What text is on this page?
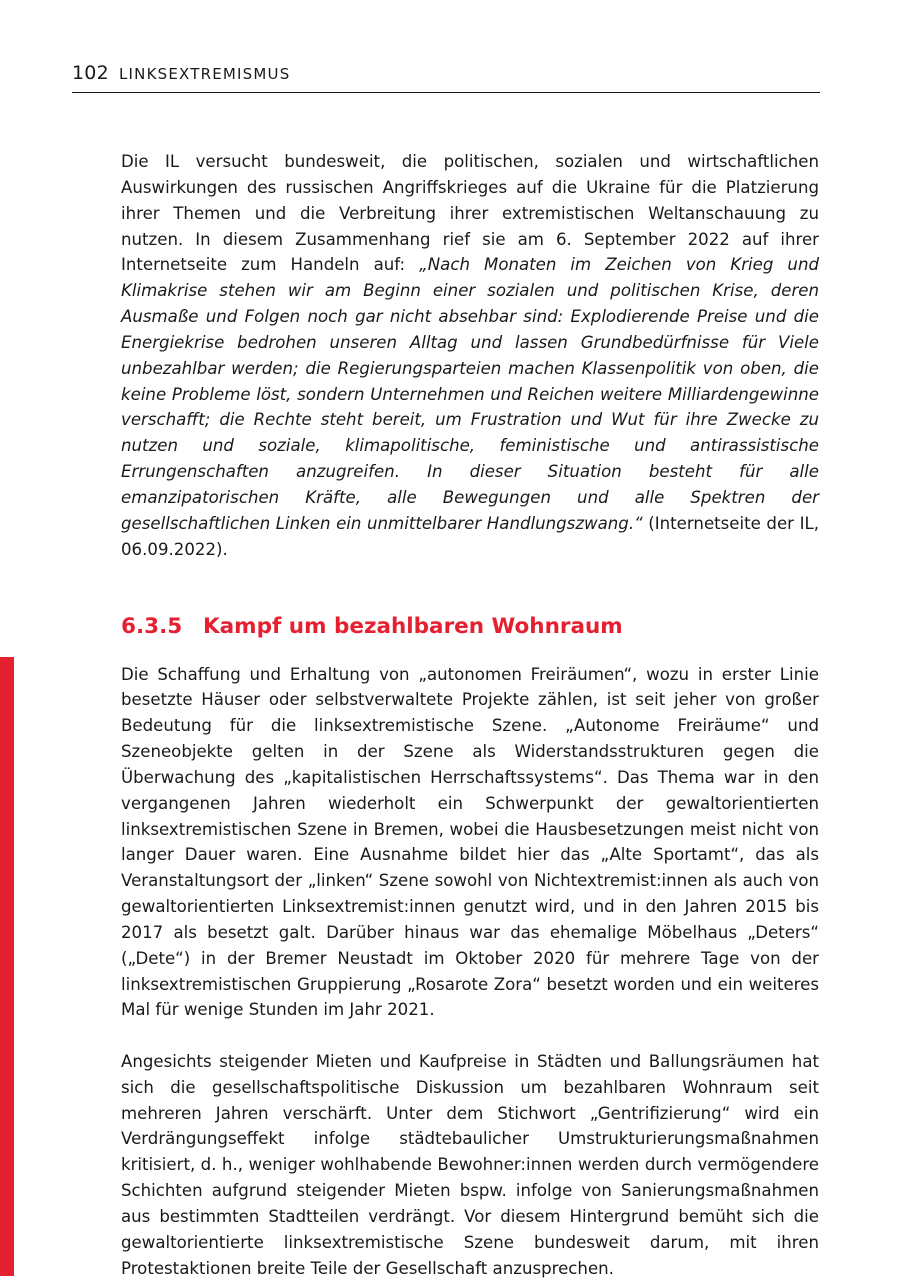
102 LINKSEXTREMISMUS

Die IL versucht bundesweit, die politischen, sozialen und wirtschaftlichen Auswirkungen des russischen Angriffskrieges auf die Ukraine für die Platzierung ihrer Themen und die Verbreitung ihrer extremistischen Weltanschauung zu nutzen. In diesem Zusammenhang rief sie am 6. September 2022 auf ihrer Internetseite zum Handeln auf: „Nach Monaten im Zeichen von Krieg und Klimakrise stehen wir am Beginn einer sozialen und politischen Krise, deren Ausmaße und Folgen noch gar nicht absehbar sind: Explodierende Preise und die Energiekrise bedrohen unseren Alltag und lassen Grundbedürfnisse für Viele unbezahlbar werden; die Regierungsparteien machen Klassenpolitik von oben, die keine Probleme löst, sondern Unternehmen und Reichen weitere Milliardengewinne verschafft; die Rechte steht bereit, um Frustration und Wut für ihre Zwecke zu nutzen und soziale, klimapolitische, feministische und antirassistische Errungenschaften anzugreifen. In dieser Situation besteht für alle emanzipatorischen Kräfte, alle Bewegungen und alle Spektren der gesellschaftlichen Linken ein unmittelbarer Handlungszwang.“ (Internetseite der IL, 06.09.2022).

6.3.5 Kampf um bezahlbaren Wohnraum

Die Schaffung und Erhaltung von „autonomen Freiräumen“, wozu in erster Linie besetzte Häuser oder selbstverwaltete Projekte zählen, ist seit jeher von großer Bedeutung für die linksextremistische Szene. „Autonome Freiräume“ und Szeneobjekte gelten in der Szene als Widerstandsstrukturen gegen die Überwachung des „kapitalistischen Herrschaftssystems“. Das Thema war in den vergangenen Jahren wiederholt ein Schwerpunkt der gewaltorientierten linksextremistischen Szene in Bremen, wobei die Hausbesetzungen meist nicht von langer Dauer waren. Eine Ausnahme bildet hier das „Alte Sportamt“, das als Veranstaltungsort der „linken“ Szene sowohl von Nichtextremist:innen als auch von gewaltorientierten Linksextremist:innen genutzt wird, und in den Jahren 2015 bis 2017 als besetzt galt. Darüber hinaus war das ehemalige Möbelhaus „Deters“ („Dete“) in der Bremer Neustadt im Oktober 2020 für mehrere Tage von der linksextremistischen Gruppierung „Rosarote Zora“ besetzt worden und ein weiteres Mal für wenige Stunden im Jahr 2021.

Angesichts steigender Mieten und Kaufpreise in Städten und Ballungsräumen hat sich die gesellschaftspolitische Diskussion um bezahlbaren Wohnraum seit mehreren Jahren verschärft. Unter dem Stichwort „Gentrifizierung“ wird ein Verdrängungseffekt infolge städtebaulicher Umstrukturierungsmaßnahmen kritisiert, d. h., weniger wohlhabende Bewohner:innen werden durch vermögendere Schichten aufgrund steigender Mieten bspw. infolge von Sanierungsmaßnahmen aus bestimmten Stadtteilen verdrängt. Vor diesem Hintergrund bemüht sich die gewaltorientierte linksextremistische Szene bundesweit darum, mit ihren Protestaktionen breite Teile der Gesellschaft anzusprechen.
